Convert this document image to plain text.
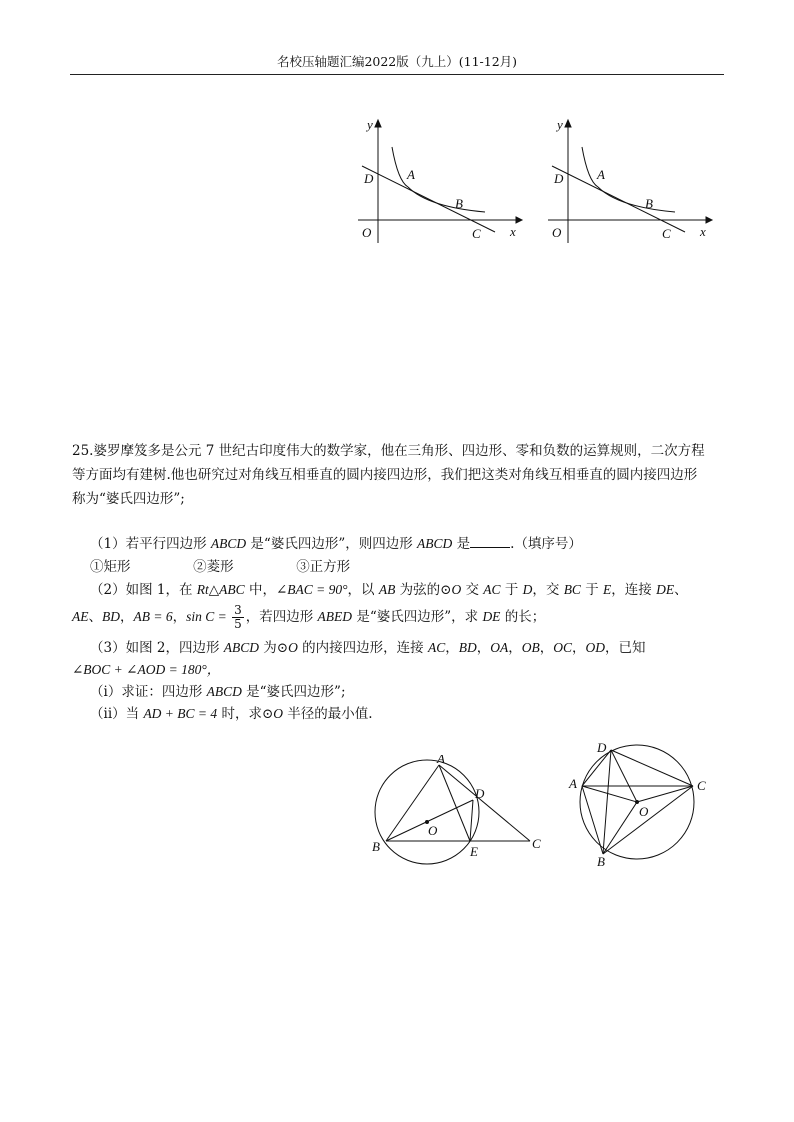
名校压轴题汇编2022版（九上）(11-12月)
y
x
O
D	A
B
C
y
x
O
D	A
B
C
25.婆罗摩笈多是公元 7 世纪古印度伟大的数学家，他在三角形、四边形、零和负数的运算规则，二次方程
等方面均有建树.他也研究过对角线互相垂直的圆内接四边形，我们把这类对角线互相垂直的圆内接四边形
称为“婆氏四边形”;
（1）若平行四边形 ABCD 是“婆氏四边形”，则四边形 ABCD 是	.（填序号）
①矩形	②菱形	③正方形
（2）如图 1，在 Rt△ABC 中，∠BAC = 90°，以 AB 为弦的⊙O 交 AC 于 D，交 BC 于 E，连接 DE、
AE、BD，AB = 6，$\sin C = \frac{3}{5}$ ，若四边形 ABED 是“婆氏四边形”，求 DE 的长；
（3）如图 2，四边形 ABCD 为⊙O 的内接四边形，连接 AC，BD，OA，OB，OC，OD，已知
∠BOC + ∠AOD = 180°，
（i）求证：四边形 ABCD 是“婆氏四边形”;
（ii）当 AD + BC = 4 时，求⊙O 半径的最小值.
A
B	C
D
E
O
D
A	C
O
B
